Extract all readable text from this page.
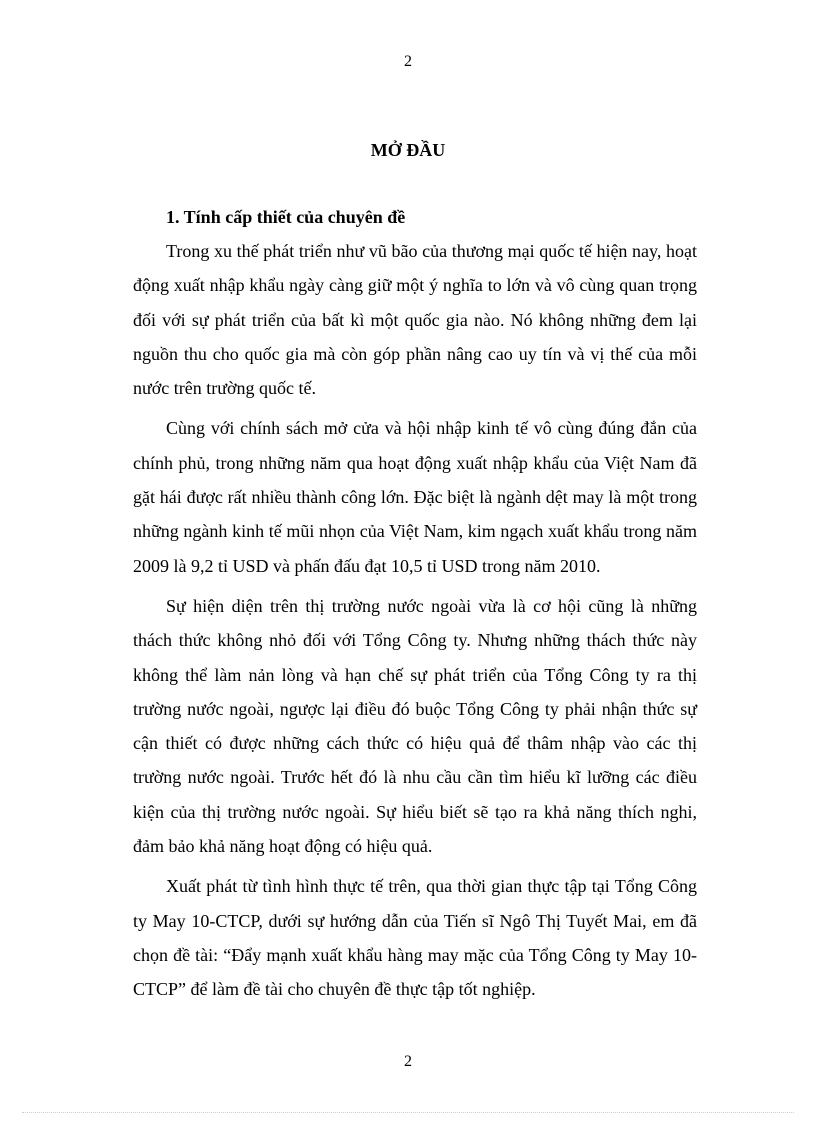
2
MỞ ĐẦU
1. Tính cấp thiết của chuyên đề

Trong xu thế phát triển như vũ bão của thương mại quốc tế hiện nay, hoạt động xuất nhập khẩu ngày càng giữ một ý nghĩa to lớn và vô cùng quan trọng đối với sự phát triển của bất kì một quốc gia nào. Nó không những đem lại nguồn thu cho quốc gia mà còn góp phần nâng cao uy tín và vị thế của mỗi nước trên trường quốc tế.

Cùng với chính sách mở cửa và hội nhập kinh tế vô cùng đúng đắn của chính phủ, trong những năm qua hoạt động xuất nhập khẩu của Việt Nam đã gặt hái được rất nhiều thành công lớn. Đặc biệt là ngành dệt may là một trong những ngành kinh tế mũi nhọn của Việt Nam, kim ngạch xuất khẩu trong năm 2009 là 9,2 tỉ USD và phấn đấu đạt 10,5 tỉ USD trong năm 2010.

Sự hiện diện trên thị trường nước ngoài vừa là cơ hội cũng là những thách thức không nhỏ đối với Tổng Công ty. Nhưng những thách thức này không thể làm nản lòng và hạn chế sự phát triển của Tổng Công ty ra thị trường nước ngoài, ngược lại điều đó buộc Tổng Công ty phải nhận thức sự cận thiết có được những cách thức có hiệu quả để thâm nhập vào các thị trường nước ngoài. Trước hết đó là nhu cầu cần tìm hiểu kĩ lưỡng các điều kiện của thị trường nước ngoài. Sự hiểu biết sẽ tạo ra khả năng thích nghi, đảm bảo khả năng hoạt động có hiệu quả.

Xuất phát từ tình hình thực tế trên, qua thời gian thực tập tại Tổng Công ty May 10-CTCP, dưới sự hướng dẫn của Tiến sĩ Ngô Thị Tuyết Mai, em đã chọn đề tài: “Đẩy mạnh xuất khẩu hàng may mặc của Tổng Công ty May 10-CTCP” để làm đề tài cho chuyên đề thực tập tốt nghiệp.

2
